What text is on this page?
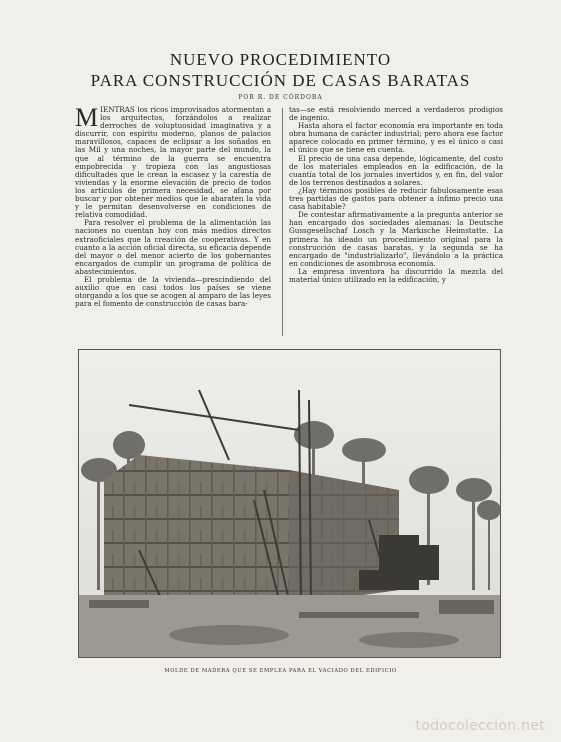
NUEVO PROCEDIMIENTO
PARA CONSTRUCCIÓN DE CASAS BARATAS
POR R. DE CÓRDOBA

MIENTRAS los ricos improvisados atormentan a los arquitectos, forzándolos a realizar derroches de voluptuosidad imaginativa y a discurrir, con espíritu moderno, planos de palacios maravillosos, capaces de eclipsar a los soñados en las Mil y una noches, la mayor parte del mundo, la que al término de la guerra se encuentra empobrecida y tropieza con las angustiosas dificultades que le crean la escasez y la carestía de viviendas y la enorme elevación de precio de todos los artículos de primera necesidad, se afana por buscar y por obtener medios que le abaraten la vida y le permitan desenvolverse en condiciones de relativa comodidad.

Para resolver el problema de la alimentación las naciones no cuentan hoy con más medios directos extraoficiales que la creación de cooperativas. Y en cuanto a la acción oficial directa, su eficacia depende del mayor o del menor acierto de los gobernantes encargados de cumplir un programa de política de abastecimientos.

El problema de la vivienda—prescindiendo del auxilio que en casi todos los países se viene otorgando a los que se acogen al amparo de las leyes para el fomento de construcción de casas bara-

tas—se está resolviendo merced a verdaderos prodigios de ingenio.

Hasta ahora el factor economía era importante en toda obra humana de carácter industrial; pero ahora ese factor aparece colocado en primer término, y es el único o casi el único que se tiene en cuenta.

El precio de una casa depende, lógicamente, del costo de los materiales empleados en la edificación, de la cuantía total de los jornales invertidos y, en fin, del valor de los terrenos destinados a solares.

¿Hay términos posibles de reducir fabulosamente esas tres partidas de gastos para obtener a ínfimo precio una casa habitable?

De contestar afirmativamente a la pregunta anterior se han encargado dos sociedades alemanas: la Deutsche Gussgesellschaf Losch y la Markische Heimstatte. La primera ha ideado un procedimiento original para la construcción de casas baratas, y la segunda se ha encargado de "industrializarlo", llevándolo a la práctica en condiciones de asombrosa economía.

La empresa inventora ha discurrido la mezcla del material único utilizado en la edificación, y

MOLDE DE MADERA QUE SE EMPLEA PARA EL VACIADO DEL EDIFICIO
todocoleccion.net
